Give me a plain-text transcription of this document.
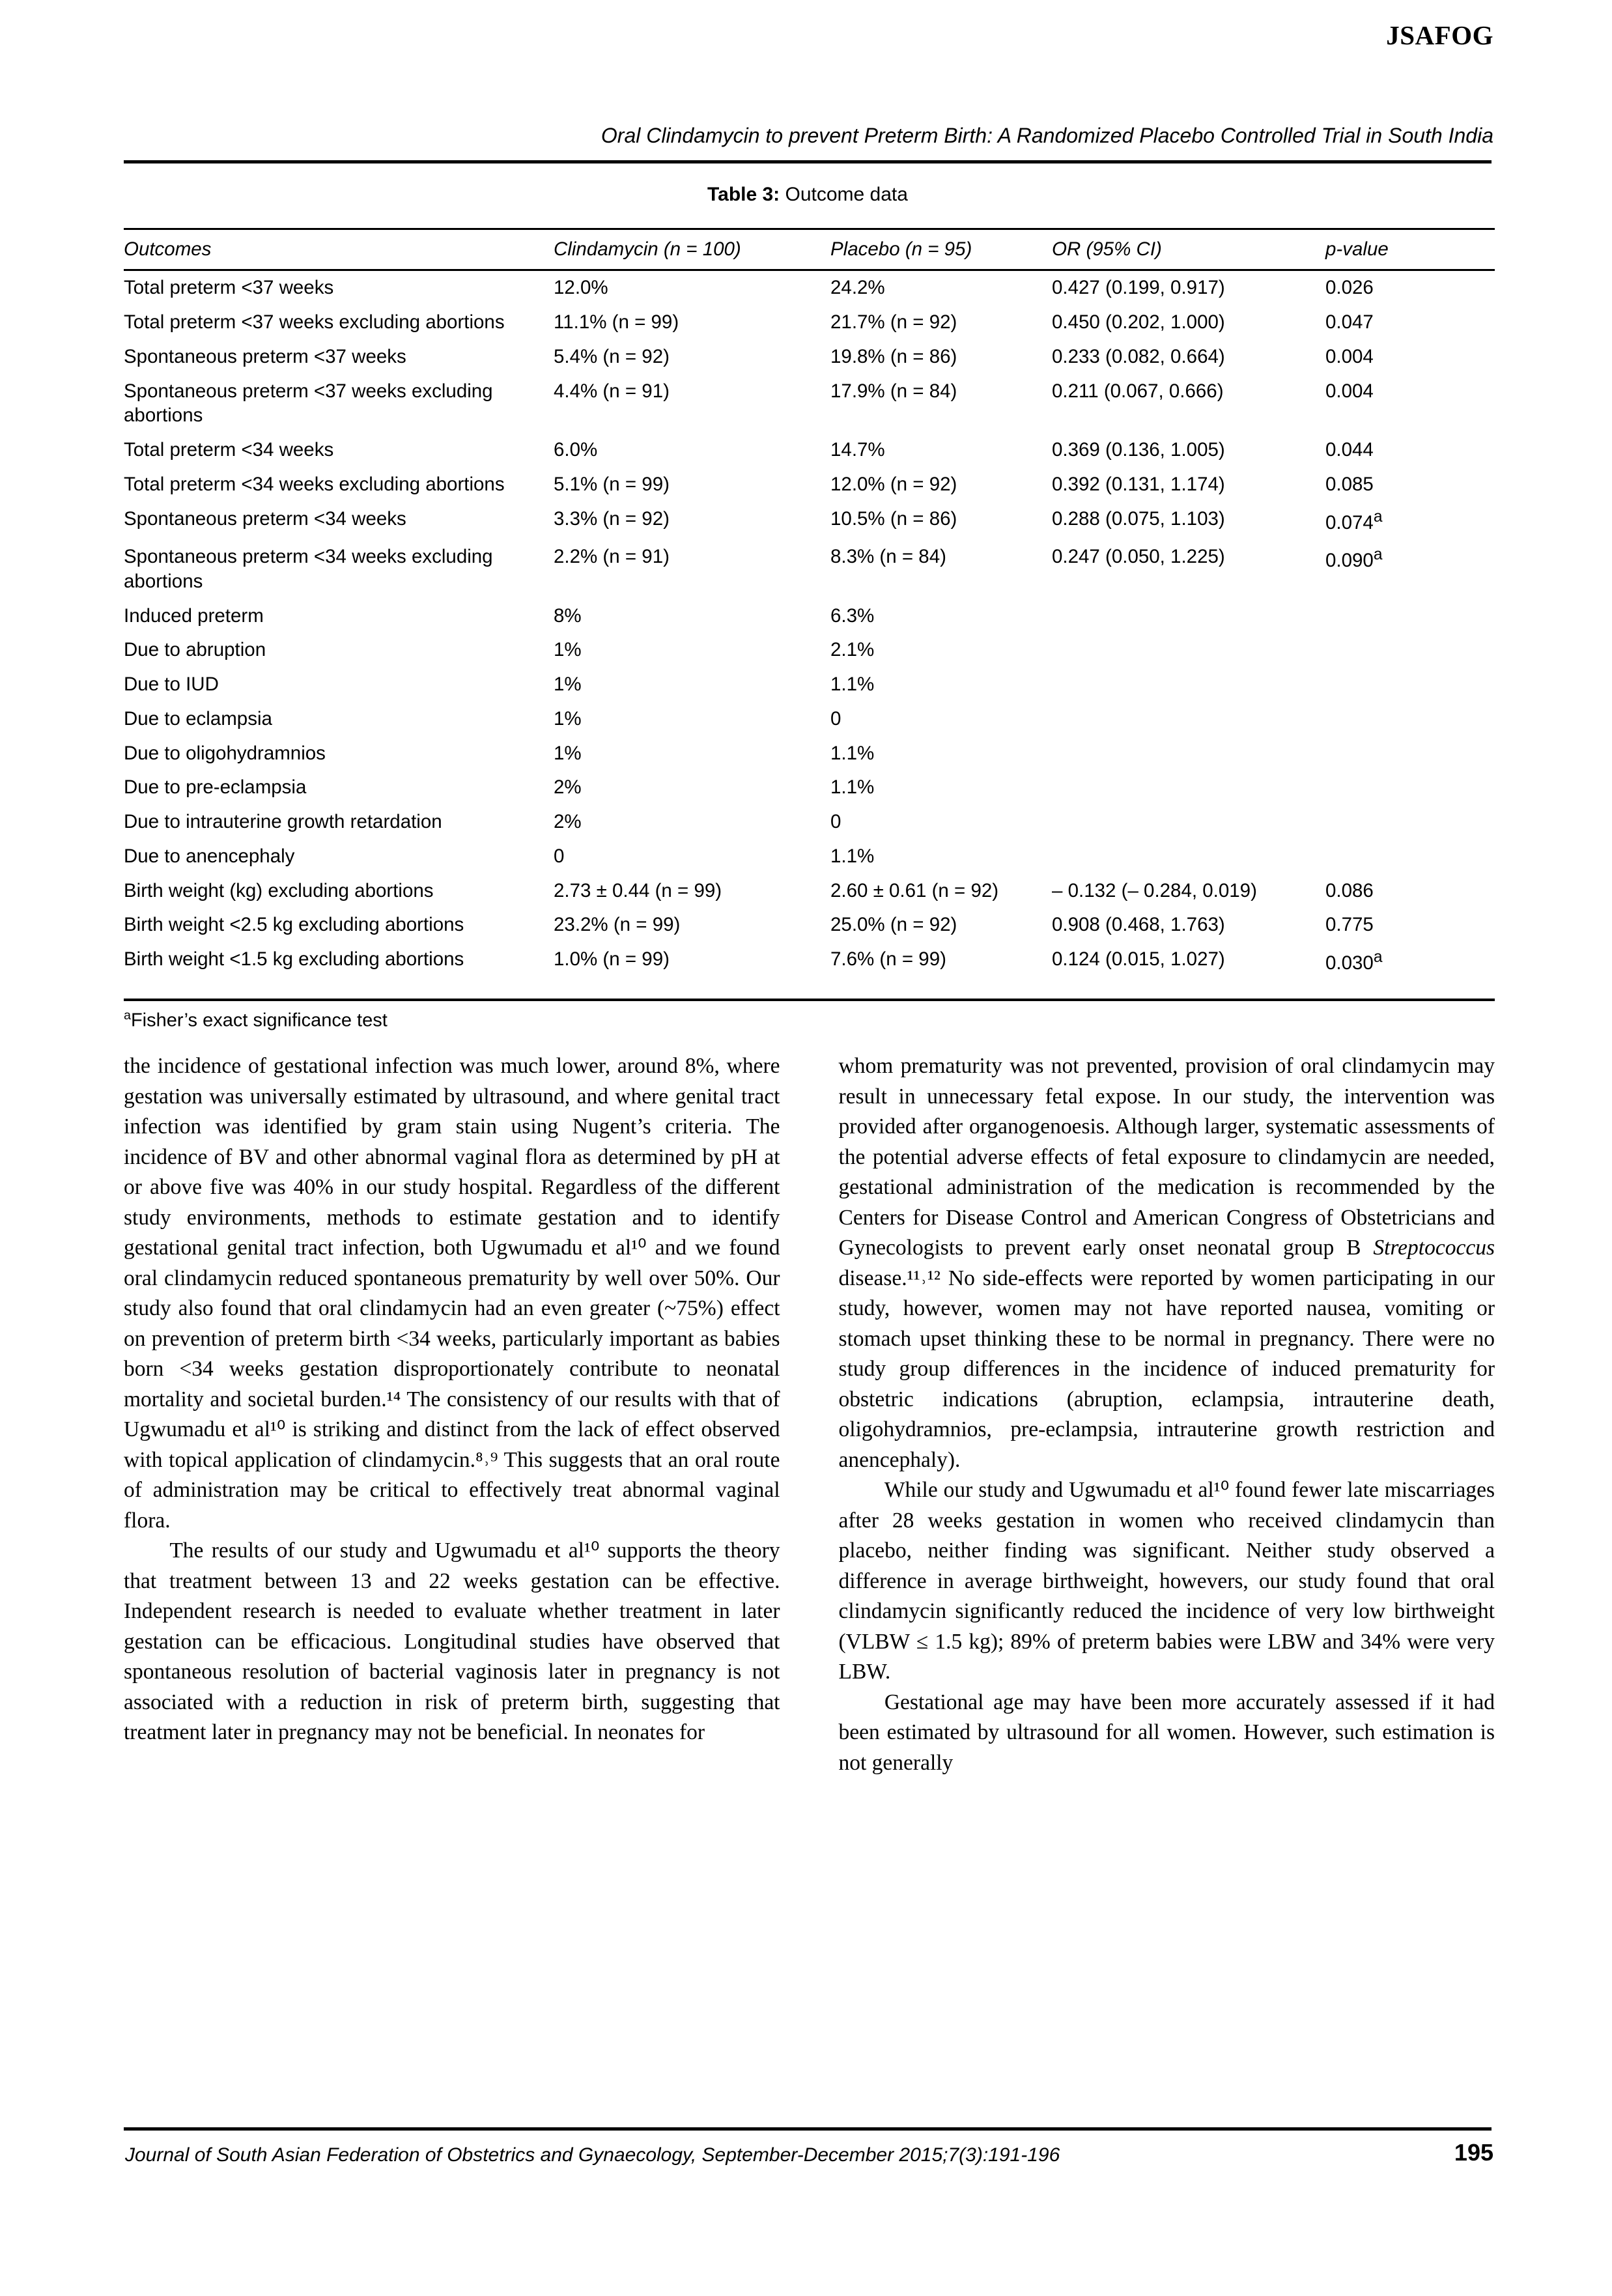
JSAFOG
Oral Clindamycin to prevent Preterm Birth: A Randomized Placebo Controlled Trial in South India
Table 3: Outcome data
Outcomes	Clindamycin (n = 100)	Placebo (n = 95)	OR (95% CI)	p-value
Total preterm <37 weeks	12.0%	24.2%	0.427 (0.199, 0.917)	0.026
Total preterm <37 weeks excluding abortions	11.1% (n = 99)	21.7% (n = 92)	0.450 (0.202, 1.000)	0.047
Spontaneous preterm <37 weeks	5.4% (n = 92)	19.8% (n = 86)	0.233 (0.082, 0.664)	0.004
Spontaneous preterm <37 weeks excluding abortions	4.4% (n = 91)	17.9% (n = 84)	0.211 (0.067, 0.666)	0.004
Total preterm <34 weeks	6.0%	14.7%	0.369 (0.136, 1.005)	0.044
Total preterm <34 weeks excluding abortions	5.1% (n = 99)	12.0% (n = 92)	0.392 (0.131, 1.174)	0.085
Spontaneous preterm <34 weeks	3.3% (n = 92)	10.5% (n = 86)	0.288 (0.075, 1.103)	0.074$^a$
Spontaneous preterm <34 weeks excluding abortions	2.2% (n = 91)	8.3% (n = 84)	0.247 (0.050, 1.225)	0.090$^a$
Induced preterm	8%	6.3%		
Due to abruption	1%	2.1%		
Due to IUD	1%	1.1%		
Due to eclampsia	1%	0		
Due to oligohydramnios	1%	1.1%		
Due to pre-eclampsia	2%	1.1%		
Due to intrauterine growth retardation	2%	0		
Due to anencephaly	0	1.1%		
Birth weight (kg) excluding abortions	2.73 ± 0.44 (n = 99)	2.60 ± 0.61 (n = 92)	– 0.132 (– 0.284, 0.019)	0.086
Birth weight <2.5 kg excluding abortions	23.2% (n = 99)	25.0% (n = 92)	0.908 (0.468, 1.763)	0.775
Birth weight <1.5 kg excluding abortions	1.0% (n = 99)	7.6% (n = 99)	0.124 (0.015, 1.027)	0.030$^a$
$^a$Fisher’s exact significance test

the incidence of gestational infection was much lower, around 8%, where gestation was universally estimated by ultrasound, and where genital tract infection was identified by gram stain using Nugent’s criteria. The incidence of BV and other abnormal vaginal flora as determined by pH at or above five was 40% in our study hospital. Regardless of the different study environments, methods to estimate gestation and to identify gestational genital tract infection, both Ugwumadu et al¹⁰ and we found oral clindamycin reduced spontaneous prematurity by well over 50%. Our study also found that oral clindamycin had an even greater (~75%) effect on prevention of preterm birth <34 weeks, particularly important as babies born <34 weeks gestation disproportionately contribute to neonatal mortality and societal burden.¹⁴ The consistency of our results with that of Ugwumadu et al¹⁰ is striking and distinct from the lack of effect observed with topical application of clindamycin.⁸˒⁹ This suggests that an oral route of administration may be critical to effectively treat abnormal vaginal flora.

The results of our study and Ugwumadu et al¹⁰ supports the theory that treatment between 13 and 22 weeks gestation can be effective. Independent research is needed to evaluate whether treatment in later gestation can be efficacious. Longitudinal studies have observed that spontaneous resolution of bacterial vaginosis later in pregnancy is not associated with a reduction in risk of preterm birth, suggesting that treatment later in pregnancy may not be beneficial. In neonates for

whom prematurity was not prevented, provision of oral clindamycin may result in unnecessary fetal expose. In our study, the intervention was provided after organogenoesis. Although larger, systematic assessments of the potential adverse effects of fetal exposure to clindamycin are needed, gestational administration of the medication is recommended by the Centers for Disease Control and American Congress of Obstetricians and Gynecologists to prevent early onset neonatal group B Streptococcus disease.¹¹˒¹² No side-effects were reported by women participating in our study, however, women may not have reported nausea, vomiting or stomach upset thinking these to be normal in pregnancy. There were no study group differences in the incidence of induced prematurity for obstetric indications (abruption, eclampsia, intrauterine death, oligohydramnios, pre-eclampsia, intrauterine growth restriction and anencephaly).

While our study and Ugwumadu et al¹⁰ found fewer late miscarriages after 28 weeks gestation in women who received clindamycin than placebo, neither finding was significant. Neither study observed a difference in average birthweight, howevers, our study found that oral clindamycin significantly reduced the incidence of very low birthweight (VLBW ≤ 1.5 kg); 89% of preterm babies were LBW and 34% were very LBW.

Gestational age may have been more accurately assessed if it had been estimated by ultrasound for all women. However, such estimation is not generally

Journal of South Asian Federation of Obstetrics and Gynaecology, September-December 2015;7(3):191-196	195
